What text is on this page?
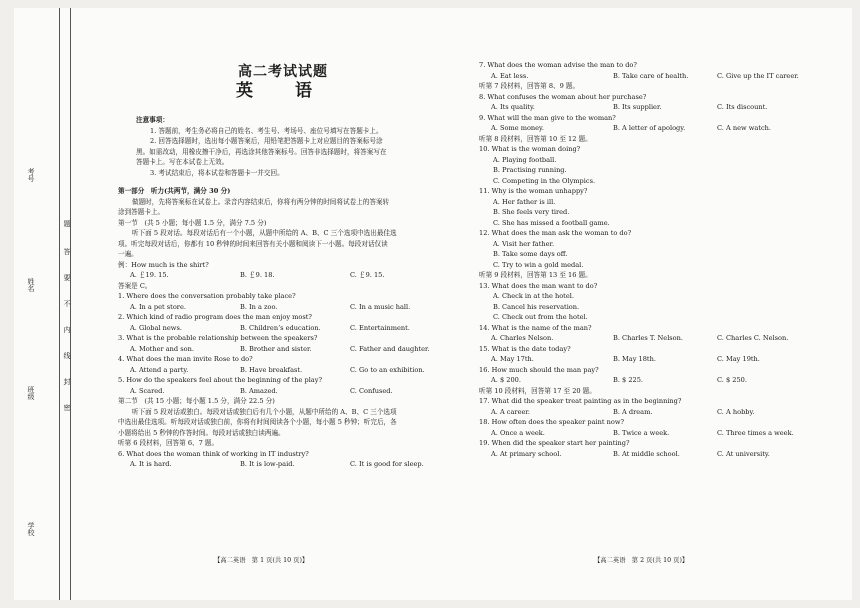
考号
姓名
班级
学校
题
答
要
不
内
线
封
密
高二考试试题
英 语
注意事项：
1. 答题前，考生务必将自己的姓名、考生号、考场号、座位号填写在答题卡上。
2. 回答选择题时，选出每小题答案后，用铅笔把答题卡上对应题目的答案标号涂
黑。如需改动，用橡皮擦干净后，再选涂其他答案标号。回答非选择题时，将答案写在
答题卡上。写在本试卷上无效。
3. 考试结束后，将本试卷和答题卡一并交回。
第一部分　听力(共两节，满分 30 分)
做题时，先将答案标在试卷上。录音内容结束后，你将有两分钟的时间将试卷上的答案转
涂到答题卡上。
第一节　(共 5 小题；每小题 1.5 分，满分 7.5 分)
听下面 5 段对话。每段对话后有一个小题，从题中所给的 A、B、C 三个选项中选出最佳选
项。听完每段对话后，你都有 10 秒钟的时间来回答有关小题和阅读下一小题。每段对话仅读
一遍。
例：How much is the shirt?
A. ￡19. 15.	B. ￡9. 18.	C. ￡9. 15.
答案是 C。
1. Where does the conversation probably take place?
A. In a pet store.	B. In a zoo.	C. In a music hall.
2. Which kind of radio program does the man enjoy most?
A. Global news.	B. Children’s education.	C. Entertainment.
3. What is the probable relationship between the speakers?
A. Mother and son.	B. Brother and sister.	C. Father and daughter.
4. What does the man invite Rose to do?
A. Attend a party.	B. Have breakfast.	C. Go to an exhibition.
5. How do the speakers feel about the beginning of the play?
A. Scared.	B. Amazed.	C. Confused.
第二节　(共 15 小题；每小题 1.5 分，满分 22.5 分)
听下面 5 段对话或独白。每段对话或独白后有几个小题，从题中所给的 A、B、C 三个选项
中选出最佳选项。听每段对话或独白前，你将有时间阅读各个小题，每小题 5 秒钟；听完后，各
小题将给出 5 秒钟的作答时间。每段对话或独白读两遍。
听第 6 段材料，回答第 6、7 题。
6. What does the woman think of working in IT industry?
A. It is hard.	B. It is low-paid.	C. It is good for sleep.
【高二英语　第 1 页(共 10 页)】
7. What does the woman advise the man to do?
A. Eat less.	B. Take care of health.	C. Give up the IT career.
听第 7 段材料，回答第 8、9 题。
8. What confuses the woman about her purchase?
A. Its quality.	B. Its supplier.	C. Its discount.
9. What will the man give to the woman?
A. Some money.	B. A letter of apology.	C. A new watch.
听第 8 段材料，回答第 10 至 12 题。
10. What is the woman doing?
A. Playing football.
B. Practising running.
C. Competing in the Olympics.
11. Why is the woman unhappy?
A. Her father is ill.
B. She feels very tired.
C. She has missed a football game.
12. What does the man ask the woman to do?
A. Visit her father.
B. Take some days off.
C. Try to win a gold medal.
听第 9 段材料，回答第 13 至 16 题。
13. What does the man want to do?
A. Check in at the hotel.
B. Cancel his reservation.
C. Check out from the hotel.
14. What is the name of the man?
A. Charles Nelson.	B. Charles T. Nelson.	C. Charles C. Nelson.
15. What is the date today?
A. May 17th.	B. May 18th.	C. May 19th.
16. How much should the man pay?
A. $ 200.	B. $ 225.	C. $ 250.
听第 10 段材料，回答第 17 至 20 题。
17. What did the speaker treat painting as in the beginning?
A. A career.	B. A dream.	C. A hobby.
18. How often does the speaker paint now?
A. Once a week.	B. Twice a week.	C. Three times a week.
19. When did the speaker start her painting?
A. At primary school.	B. At middle school.	C. At university.
【高二英语　第 2 页(共 10 页)】
